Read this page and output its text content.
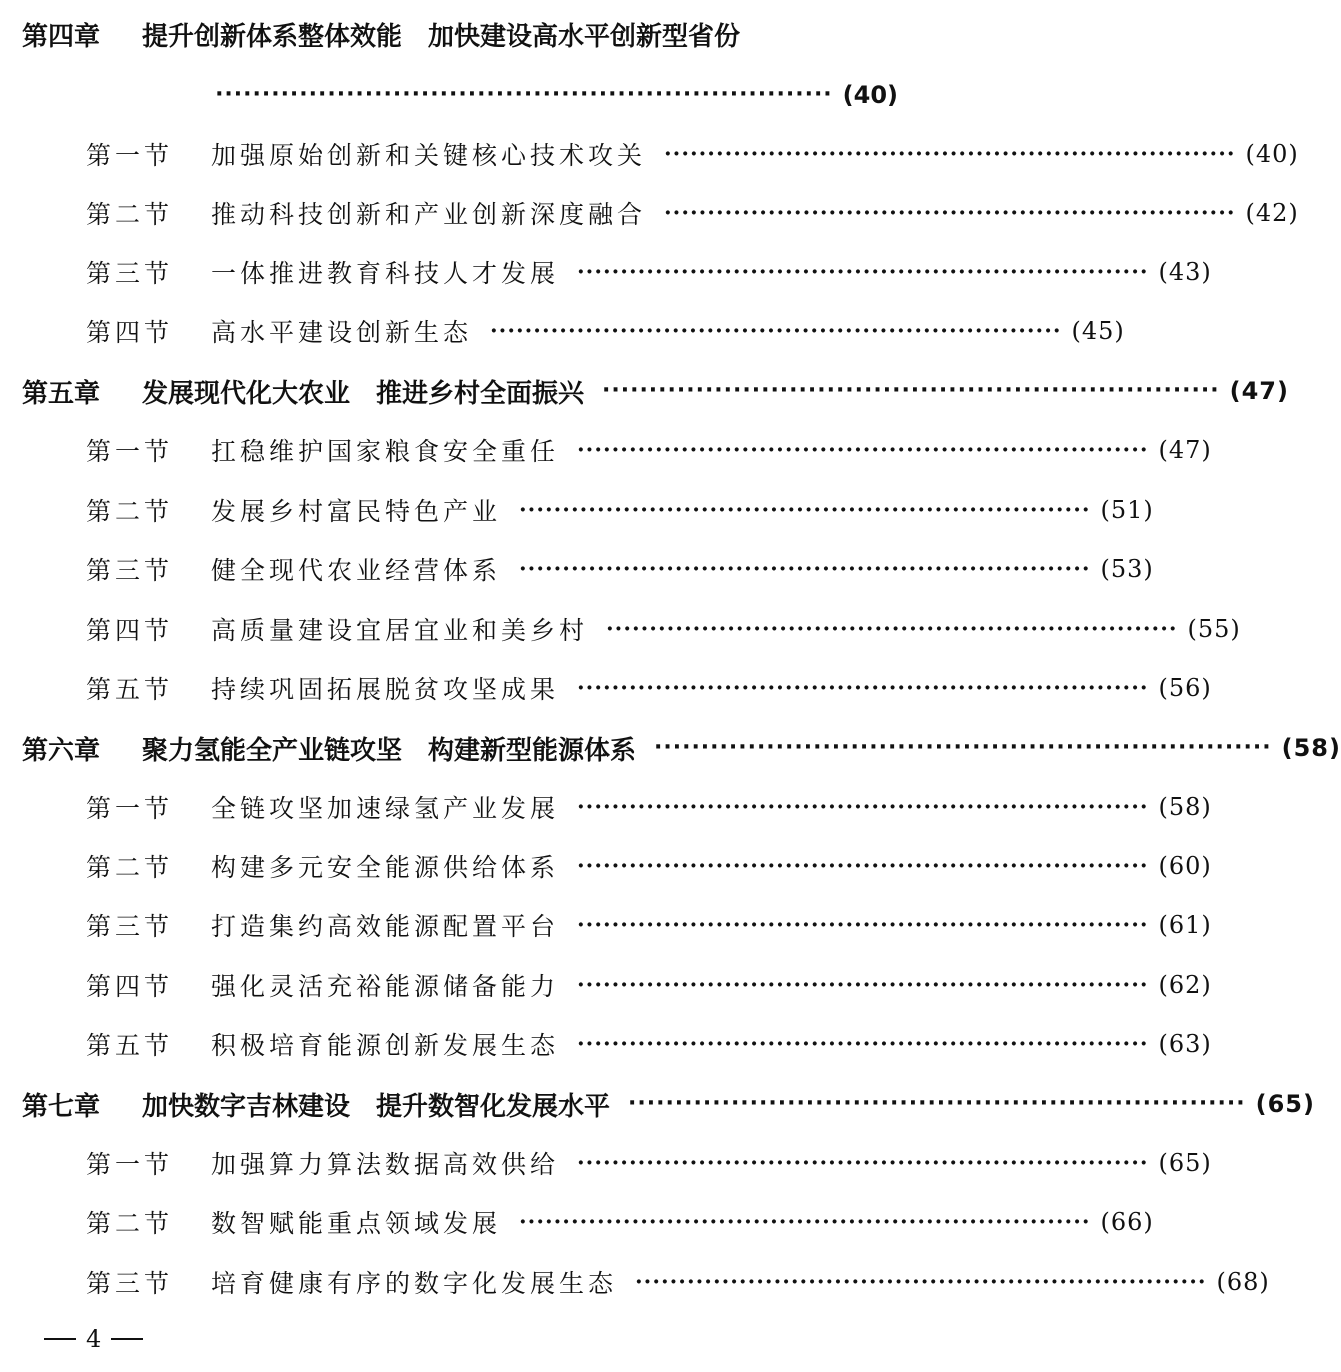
第四章	提升创新体系整体效能　加快建设高水平创新型省份
·································································· (40)
第一节	加强原始创新和关键核心技术攻关 ·································································· (40)
第二节	推动科技创新和产业创新深度融合 ·································································· (42)
第三节	一体推进教育科技人才发展 ·································································· (43)
第四节	高水平建设创新生态 ·································································· (45)
第五章	发展现代化大农业　推进乡村全面振兴 ·································································· (47)
第一节	扛稳维护国家粮食安全重任 ·································································· (47)
第二节	发展乡村富民特色产业 ·································································· (51)
第三节	健全现代农业经营体系 ·································································· (53)
第四节	高质量建设宜居宜业和美乡村 ·································································· (55)
第五节	持续巩固拓展脱贫攻坚成果 ·································································· (56)
第六章	聚力氢能全产业链攻坚　构建新型能源体系 ·································································· (58)
第一节	全链攻坚加速绿氢产业发展 ·································································· (58)
第二节	构建多元安全能源供给体系 ·································································· (60)
第三节	打造集约高效能源配置平台 ·································································· (61)
第四节	强化灵活充裕能源储备能力 ·································································· (62)
第五节	积极培育能源创新发展生态 ·································································· (63)
第七章	加快数字吉林建设　提升数智化发展水平 ·································································· (65)
第一节	加强算力算法数据高效供给 ·································································· (65)
第二节	数智赋能重点领域发展 ·································································· (66)
第三节	培育健康有序的数字化发展生态 ·································································· (68)
4
